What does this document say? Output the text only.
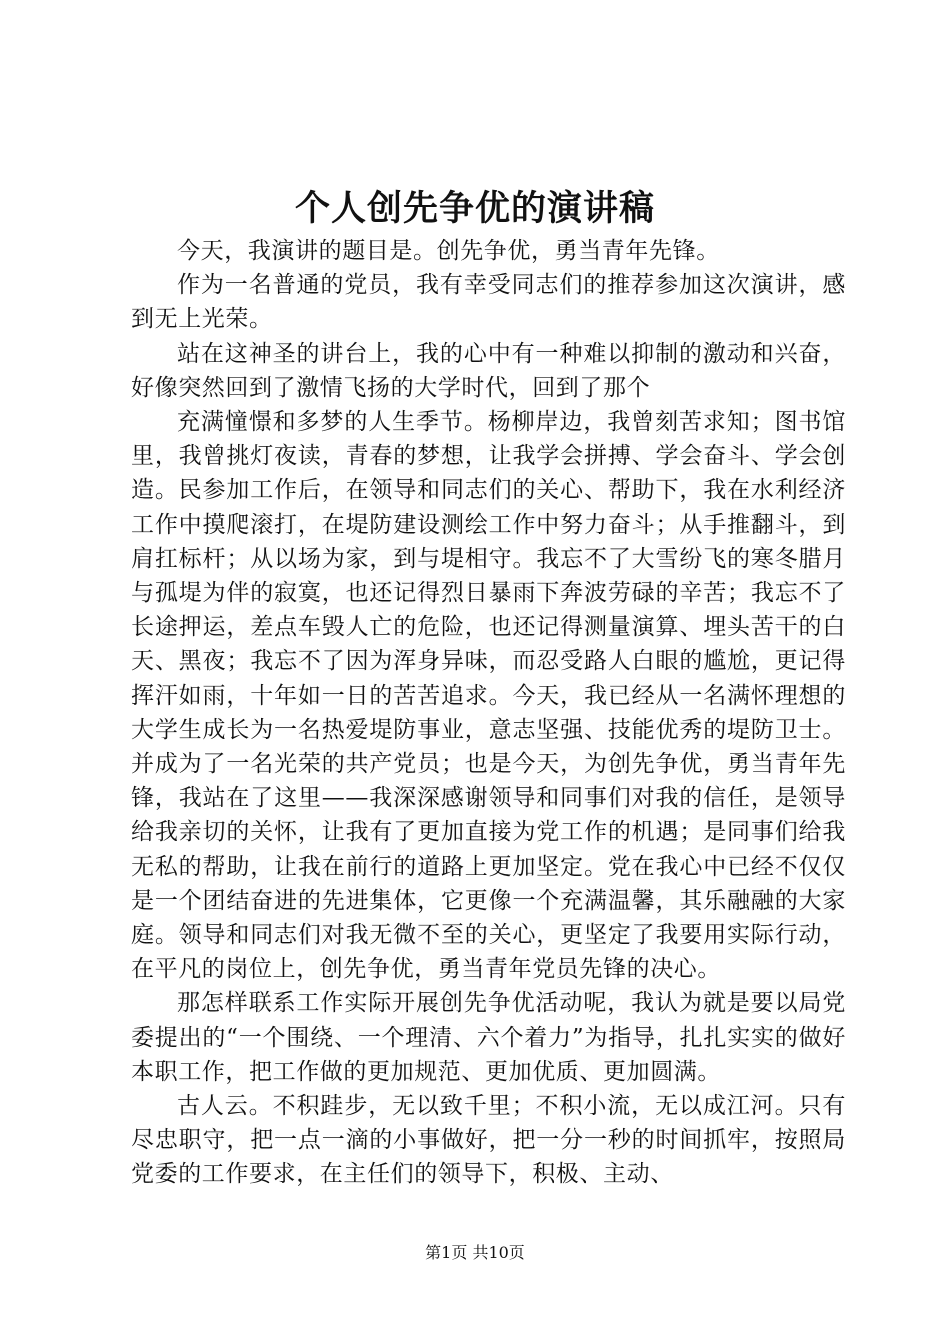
个人创先争优的演讲稿

今天，我演讲的题目是。创先争优，勇当青年先锋。

作为一名普通的党员，我有幸受同志们的推荐参加这次演讲，感到无上光荣。

站在这神圣的讲台上，我的心中有一种难以抑制的激动和兴奋，好像突然回到了激情飞扬的大学时代，回到了那个

充满憧憬和多梦的人生季节。杨柳岸边，我曾刻苦求知；图书馆里，我曾挑灯夜读，青春的梦想，让我学会拼搏、学会奋斗、学会创造。民参加工作后，在领导和同志们的关心、帮助下，我在水利经济工作中摸爬滚打，在堤防建设测绘工作中努力奋斗；从手推翻斗，到肩扛标杆；从以场为家，到与堤相守。我忘不了大雪纷飞的寒冬腊月与孤堤为伴的寂寞，也还记得烈日暴雨下奔波劳碌的辛苦；我忘不了长途押运，差点车毁人亡的危险，也还记得测量演算、埋头苦干的白天、黑夜；我忘不了因为浑身异味，而忍受路人白眼的尴尬，更记得挥汗如雨，十年如一日的苦苦追求。今天，我已经从一名满怀理想的大学生成长为一名热爱堤防事业，意志坚强、技能优秀的堤防卫士。并成为了一名光荣的共产党员；也是今天，为创先争优，勇当青年先锋，我站在了这里——我深深感谢领导和同事们对我的信任，是领导给我亲切的关怀，让我有了更加直接为党工作的机遇；是同事们给我无私的帮助，让我在前行的道路上更加坚定。党在我心中已经不仅仅是一个团结奋进的先进集体，它更像一个充满温馨，其乐融融的大家庭。领导和同志们对我无微不至的关心，更坚定了我要用实际行动，在平凡的岗位上，创先争优，勇当青年党员先锋的决心。

那怎样联系工作实际开展创先争优活动呢，我认为就是要以局党委提出的“一个围绕、一个理清、六个着力”为指导，扎扎实实的做好本职工作，把工作做的更加规范、更加优质、更加圆满。

古人云。不积跬步，无以致千里；不积小流，无以成江河。只有尽忠职守，把一点一滴的小事做好，把一分一秒的时间抓牢，按照局党委的工作要求，在主任们的领导下，积极、主动、

第1页 共10页
